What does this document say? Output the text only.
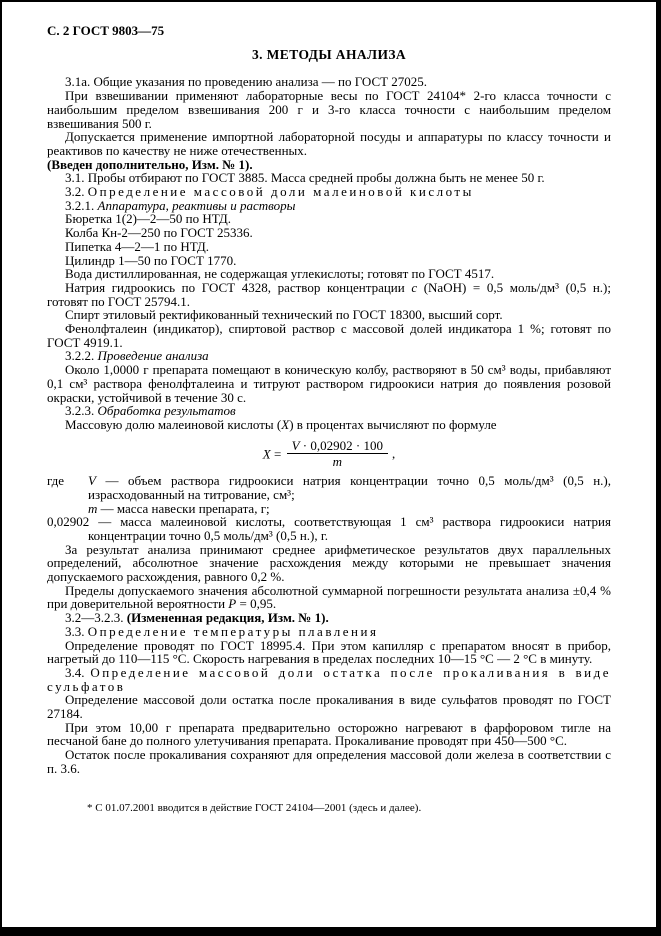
С. 2 ГОСТ 9803—75
3. МЕТОДЫ АНАЛИЗА

3.1а. Общие указания по проведению анализа — по ГОСТ 27025.

При взвешивании применяют лабораторные весы по ГОСТ 24104* 2-го класса точности с наибольшим пределом взвешивания 200 г и 3-го класса точности с наибольшим пределом взвешивания 500 г.

Допускается применение импортной лабораторной посуды и аппаратуры по классу точности и реактивов по качеству не ниже отечественных.

(Введен дополнительно, Изм. № 1).

3.1. Пробы отбирают по ГОСТ 3885. Масса средней пробы должна быть не менее 50 г.

3.2. Определение массовой доли малеиновой кислоты

3.2.1. Аппаратура, реактивы и растворы

Бюретка 1(2)—2—50 по НТД.

Колба Кн-2—250 по ГОСТ 25336.

Пипетка 4—2—1 по НТД.

Цилиндр 1—50 по ГОСТ 1770.

Вода дистиллированная, не содержащая углекислоты; готовят по ГОСТ 4517.

Натрия гидроокись по ГОСТ 4328, раствор концентрации с (NaOH) = 0,5 моль/дм³ (0,5 н.); готовят по ГОСТ 25794.1.

Спирт этиловый ректификованный технический по ГОСТ 18300, высший сорт.

Фенолфталеин (индикатор), спиртовой раствор с массовой долей индикатора 1 %; готовят по ГОСТ 4919.1.

3.2.2. Проведение анализа

Около 1,0000 г препарата помещают в коническую колбу, растворяют в 50 см³ воды, прибавляют 0,1 см³ раствора фенолфталеина и титруют раствором гидроокиси натрия до появления розовой окраски, устойчивой в течение 30 с.

3.2.3. Обработка результатов

Массовую долю малеиновой кислоты (X) в процентах вычисляют по формуле

$X = \frac{V \cdot 0,02902 \cdot 100}{m}$ ,

где V — объем раствора гидроокиси натрия концентрации точно 0,5 моль/дм³ (0,5 н.), израсходованный на титрование, см³;

m — масса навески препарата, г;

0,02902 — масса малеиновой кислоты, соответствующая 1 см³ раствора гидроокиси натрия концентрации точно 0,5 моль/дм³ (0,5 н.), г.

За результат анализа принимают среднее арифметическое результатов двух параллельных определений, абсолютное значение расхождения между которыми не превышает значения допускаемого расхождения, равного 0,2 %.

Пределы допускаемого значения абсолютной суммарной погрешности результата анализа ±0,4 % при доверительной вероятности P = 0,95.

3.2—3.2.3. (Измененная редакция, Изм. № 1).

3.3. Определение температуры плавления

Определение проводят по ГОСТ 18995.4. При этом капилляр с препаратом вносят в прибор, нагретый до 110—115 °С. Скорость нагревания в пределах последних 10—15 °С — 2 °С в минуту.

3.4. Определение массовой доли остатка после прокаливания в виде сульфатов

Определение массовой доли остатка после прокаливания в виде сульфатов проводят по ГОСТ 27184.

При этом 10,00 г препарата предварительно осторожно нагревают в фарфоровом тигле на песчаной бане до полного улетучивания препарата. Прокаливание проводят при 450—500 °С.

Остаток после прокаливания сохраняют для определения массовой доли железа в соответствии с п. 3.6.

* С 01.07.2001 вводится в действие ГОСТ 24104—2001 (здесь и далее).
